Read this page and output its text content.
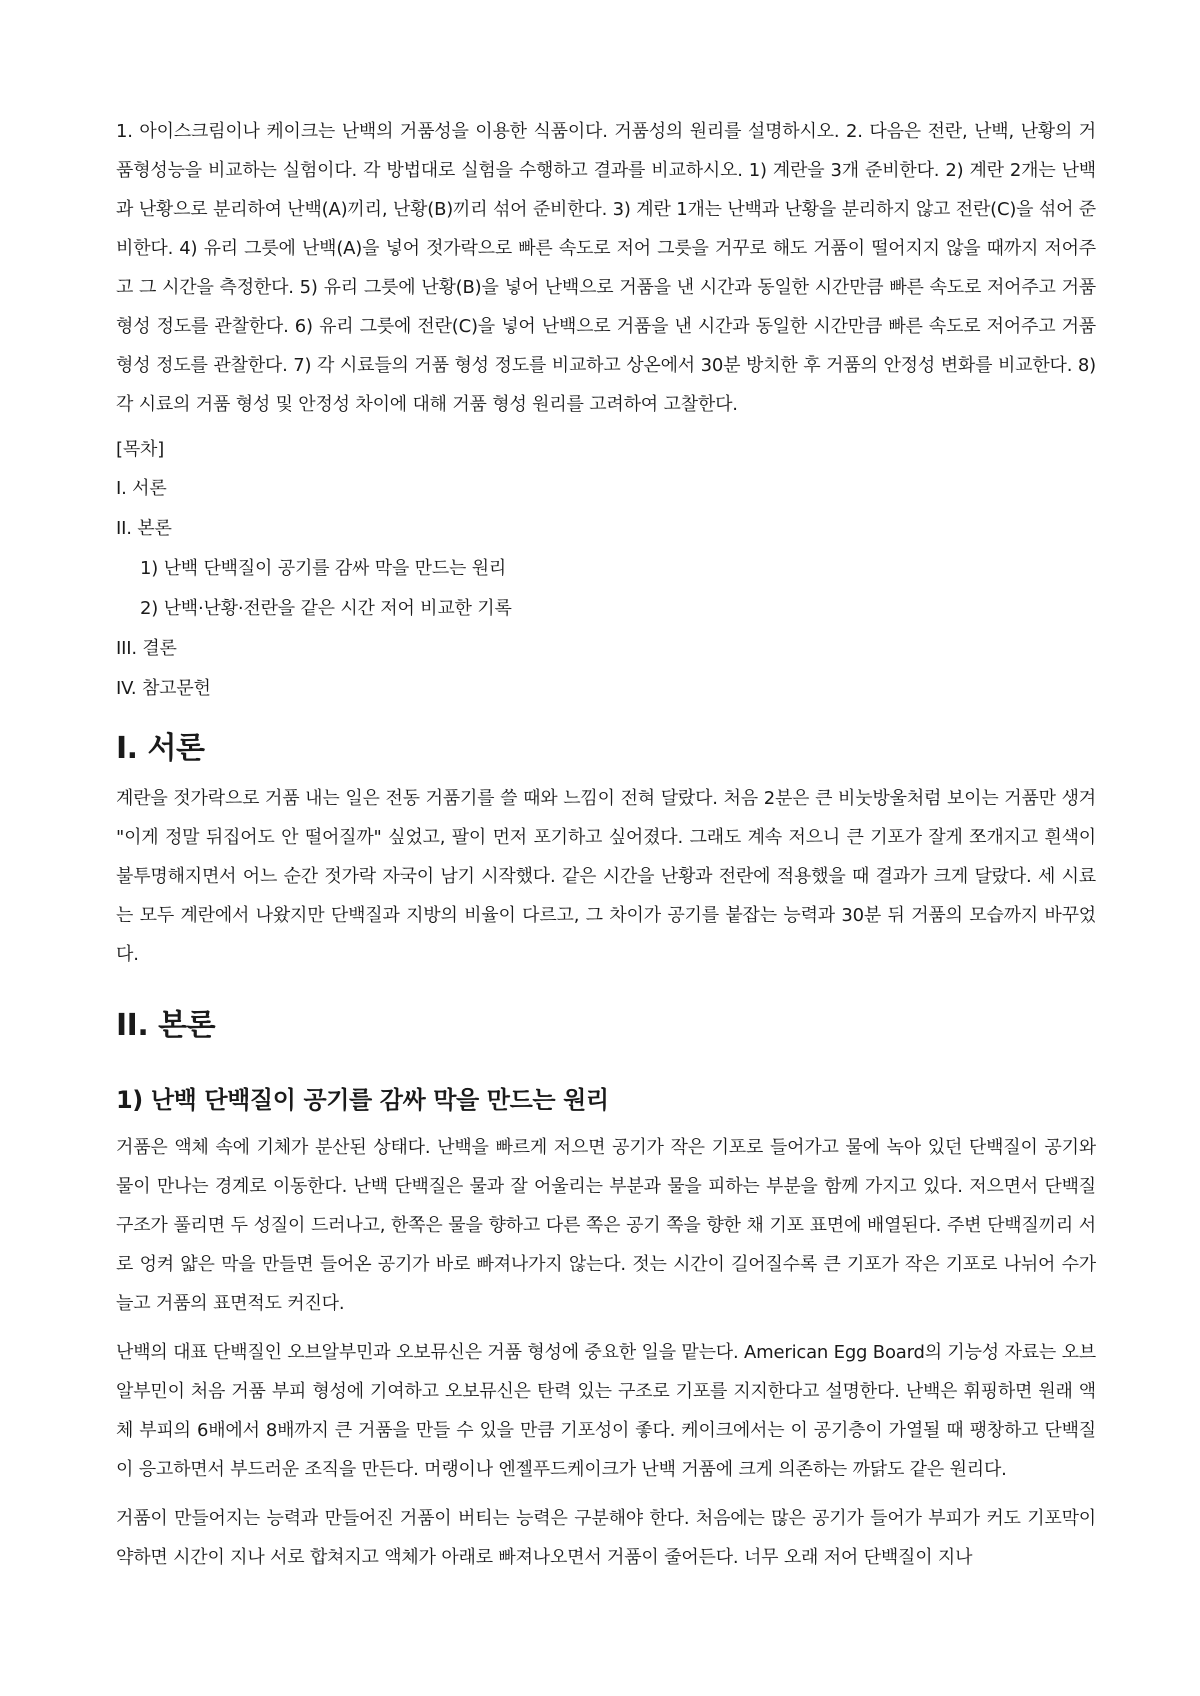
1. 아이스크림이나 케이크는 난백의 거품성을 이용한 식품이다. 거품성의 원리를 설명하시오. 2. 다음은 전란, 난백, 난황의 거품형성능을 비교하는 실험이다. 각 방법대로 실험을 수행하고 결과를 비교하시오. 1) 계란을 3개 준비한다. 2) 계란 2개는 난백과 난황으로 분리하여 난백(A)끼리, 난황(B)끼리 섞어 준비한다. 3) 계란 1개는 난백과 난황을 분리하지 않고 전란(C)을 섞어 준비한다. 4) 유리 그릇에 난백(A)을 넣어 젓가락으로 빠른 속도로 저어 그릇을 거꾸로 해도 거품이 떨어지지 않을 때까지 저어주고 그 시간을 측정한다. 5) 유리 그릇에 난황(B)을 넣어 난백으로 거품을 낸 시간과 동일한 시간만큼 빠른 속도로 저어주고 거품 형성 정도를 관찰한다. 6) 유리 그릇에 전란(C)을 넣어 난백으로 거품을 낸 시간과 동일한 시간만큼 빠른 속도로 저어주고 거품 형성 정도를 관찰한다. 7) 각 시료들의 거품 형성 정도를 비교하고 상온에서 30분 방치한 후 거품의 안정성 변화를 비교한다. 8) 각 시료의 거품 형성 및 안정성 차이에 대해 거품 형성 원리를 고려하여 고찰한다.

[목차]

I. 서론
II. 본론
1) 난백 단백질이 공기를 감싸 막을 만드는 원리
2) 난백·난황·전란을 같은 시간 저어 비교한 기록
III. 결론
IV. 참고문헌
I. 서론

계란을 젓가락으로 거품 내는 일은 전동 거품기를 쓸 때와 느낌이 전혀 달랐다. 처음 2분은 큰 비눗방울처럼 보이는 거품만 생겨 "이게 정말 뒤집어도 안 떨어질까" 싶었고, 팔이 먼저 포기하고 싶어졌다. 그래도 계속 저으니 큰 기포가 잘게 쪼개지고 흰색이 불투명해지면서 어느 순간 젓가락 자국이 남기 시작했다. 같은 시간을 난황과 전란에 적용했을 때 결과가 크게 달랐다. 세 시료는 모두 계란에서 나왔지만 단백질과 지방의 비율이 다르고, 그 차이가 공기를 붙잡는 능력과 30분 뒤 거품의 모습까지 바꾸었다.

II. 본론
1) 난백 단백질이 공기를 감싸 막을 만드는 원리

거품은 액체 속에 기체가 분산된 상태다. 난백을 빠르게 저으면 공기가 작은 기포로 들어가고 물에 녹아 있던 단백질이 공기와 물이 만나는 경계로 이동한다. 난백 단백질은 물과 잘 어울리는 부분과 물을 피하는 부분을 함께 가지고 있다. 저으면서 단백질 구조가 풀리면 두 성질이 드러나고, 한쪽은 물을 향하고 다른 쪽은 공기 쪽을 향한 채 기포 표면에 배열된다. 주변 단백질끼리 서로 엉켜 얇은 막을 만들면 들어온 공기가 바로 빠져나가지 않는다. 젓는 시간이 길어질수록 큰 기포가 작은 기포로 나뉘어 수가 늘고 거품의 표면적도 커진다.

난백의 대표 단백질인 오브알부민과 오보뮤신은 거품 형성에 중요한 일을 맡는다. American Egg Board의 기능성 자료는 오브알부민이 처음 거품 부피 형성에 기여하고 오보뮤신은 탄력 있는 구조로 기포를 지지한다고 설명한다. 난백은 휘핑하면 원래 액체 부피의 6배에서 8배까지 큰 거품을 만들 수 있을 만큼 기포성이 좋다. 케이크에서는 이 공기층이 가열될 때 팽창하고 단백질이 응고하면서 부드러운 조직을 만든다. 머랭이나 엔젤푸드케이크가 난백 거품에 크게 의존하는 까닭도 같은 원리다.

거품이 만들어지는 능력과 만들어진 거품이 버티는 능력은 구분해야 한다. 처음에는 많은 공기가 들어가 부피가 커도 기포막이 약하면 시간이 지나 서로 합쳐지고 액체가 아래로 빠져나오면서 거품이 줄어든다. 너무 오래 저어 단백질이 지나
